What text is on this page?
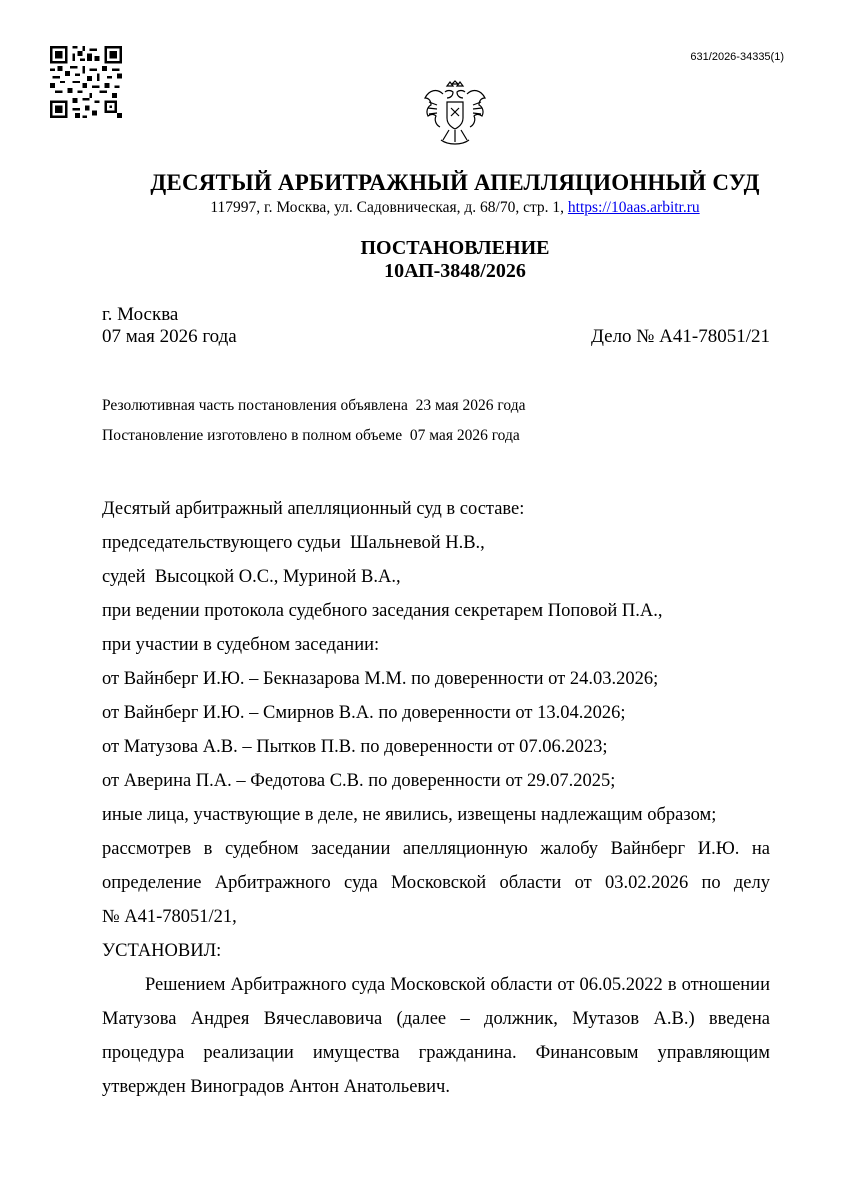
631/2026-34335(1)
ДЕСЯТЫЙ АРБИТРАЖНЫЙ АПЕЛЛЯЦИОННЫЙ СУД
117997, г. Москва, ул. Садовническая, д. 68/70, стр. 1, https://10aas.arbitr.ru
ПОСТАНОВЛЕНИЕ
10АП-3848/2026
г. Москва
07 мая 2026 года	Дело № А41-78051/21
Резолютивная часть постановления объявлена  23 мая 2026 года
Постановление изготовлено в полном объеме  07 мая 2026 года
Десятый арбитражный апелляционный суд в составе:
председательствующего судьи  Шальневой Н.В.,
судей  Высоцкой О.С., Муриной В.А.,
при ведении протокола судебного заседания секретарем Поповой П.А.,
при участии в судебном заседании:
от Вайнберг И.Ю. – Бекназарова М.М. по доверенности от 24.03.2026;
от Вайнберг И.Ю. – Смирнов В.А. по доверенности от 13.04.2026;
от Матузова А.В. – Пытков П.В. по доверенности от 07.06.2023;
от Аверина П.А. – Федотова С.В. по доверенности от 29.07.2025;
иные лица, участвующие в деле, не явились, извещены надлежащим образом;
рассмотрев в судебном заседании апелляционную жалобу Вайнберг И.Ю. на
определение Арбитражного суда Московской области от 03.02.2026 по делу
№ А41-78051/21,
УСТАНОВИЛ:
Решением Арбитражного суда Московской области от 06.05.2022 в отношении
Матузова Андрея Вячеславовича (далее – должник, Мутазов А.В.) введена
процедура реализации имущества гражданина. Финансовым управляющим
утвержден Виноградов Антон Анатольевич.
